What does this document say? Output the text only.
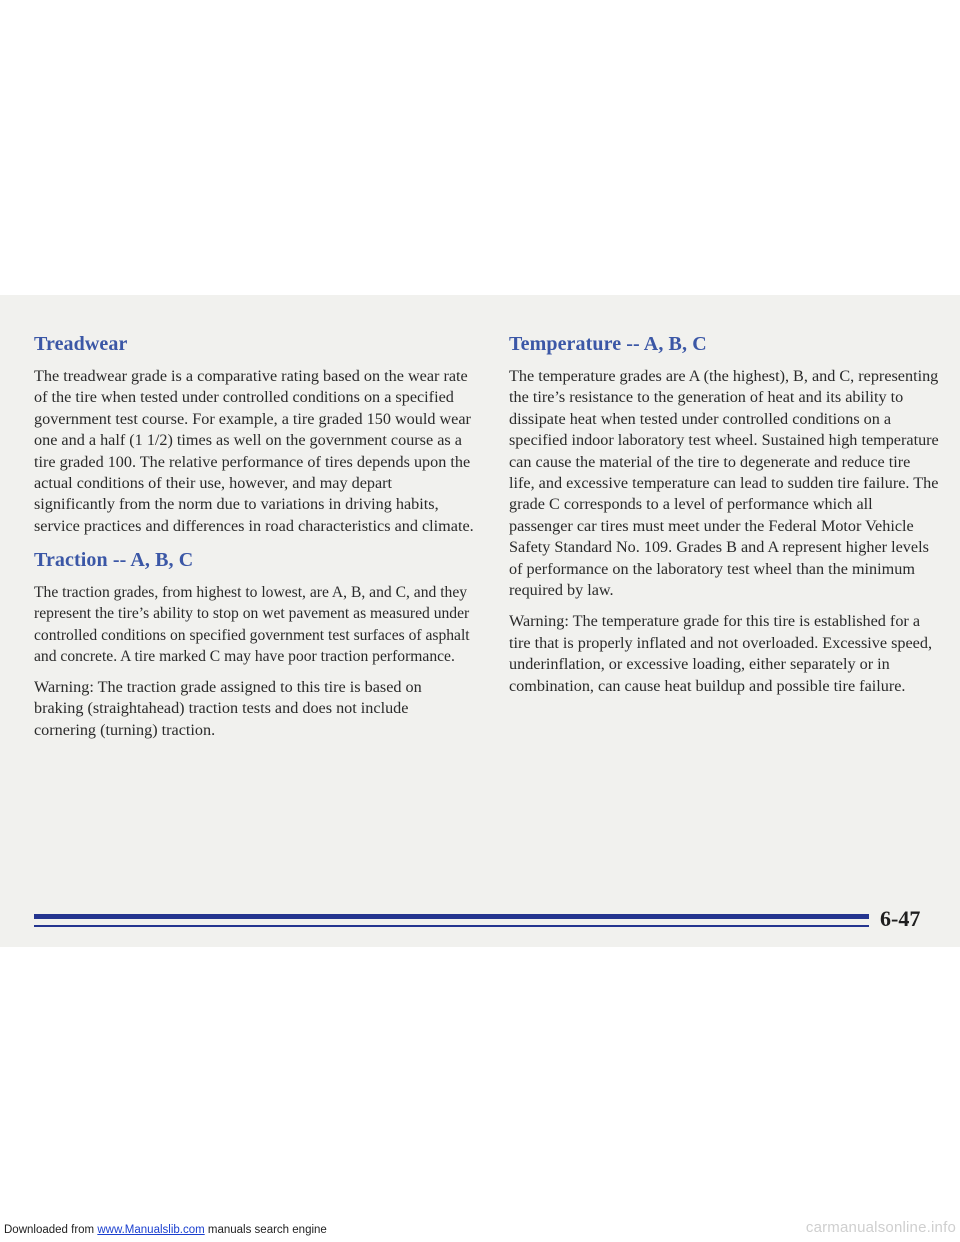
Treadwear

The treadwear grade is a comparative rating based on the wear rate of the tire when tested under controlled conditions on a specified government test course. For example, a tire graded 150 would wear one and a half (1 1/2) times as well on the government course as a tire graded 100. The relative performance of tires depends upon the actual conditions of their use, however, and may depart significantly from the norm due to variations in driving habits, service practices and differences in road characteristics and climate.

Traction -- A, B, C

The traction grades, from highest to lowest, are A, B, and C, and they represent the tire’s ability to stop on wet pavement as measured under controlled conditions on specified government test surfaces of asphalt and concrete. A tire marked C may have poor traction performance.

Warning: The traction grade assigned to this tire is based on braking (straightahead) traction tests and does not include cornering (turning) traction.

Temperature -- A, B, C

The temperature grades are A (the highest), B, and C, representing the tire’s resistance to the generation of heat and its ability to dissipate heat when tested under controlled conditions on a specified indoor laboratory test wheel. Sustained high temperature can cause the material of the tire to degenerate and reduce tire life, and excessive temperature can lead to sudden tire failure. The grade C corresponds to a level of performance which all passenger car tires must meet under the Federal Motor Vehicle Safety Standard No. 109. Grades B and A represent higher levels of performance on the laboratory test wheel than the minimum required by law.

Warning: The temperature grade for this tire is established for a tire that is properly inflated and not overloaded. Excessive speed, underinflation, or excessive loading, either separately or in combination, can cause heat buildup and possible tire failure.

6-47
Downloaded from www.Manualslib.com manuals search engine	carmanualsonline.info
